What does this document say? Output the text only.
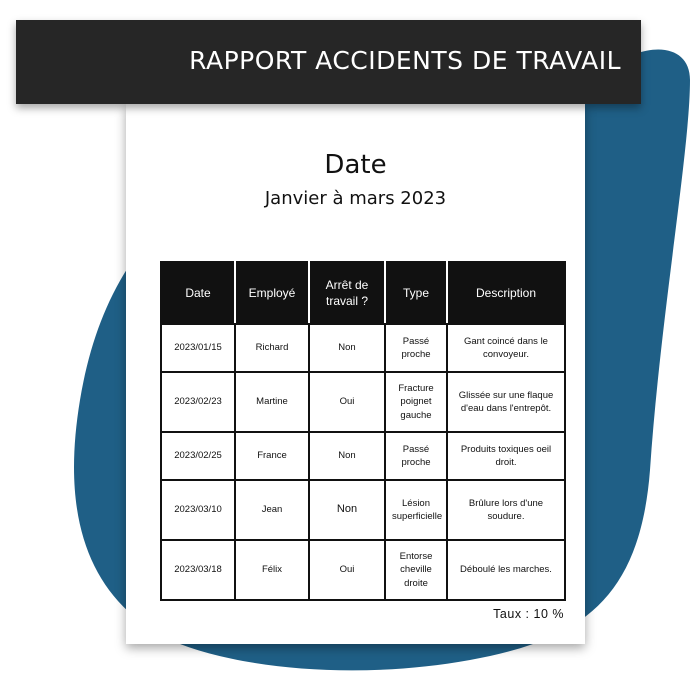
RAPPORT ACCIDENTS DE TRAVAIL
Date
Janvier à mars 2023
Date	Employé	Arrêt de travail ?	Type	Description
2023/01/15	Richard	Non	Passé proche	Gant coincé dans le convoyeur.
2023/02/23	Martine	Oui	Fracture poignet gauche	Glissée sur une flaque d'eau dans l'entrepôt.
2023/02/25	France	Non	Passé proche	Produits toxiques oeil droit.
2023/03/10	Jean	Non	Lésion superficielle	Brûlure lors d'une soudure.
2023/03/18	Félix	Oui	Entorse cheville droite	Déboulé les marches.
Taux : 10 %
